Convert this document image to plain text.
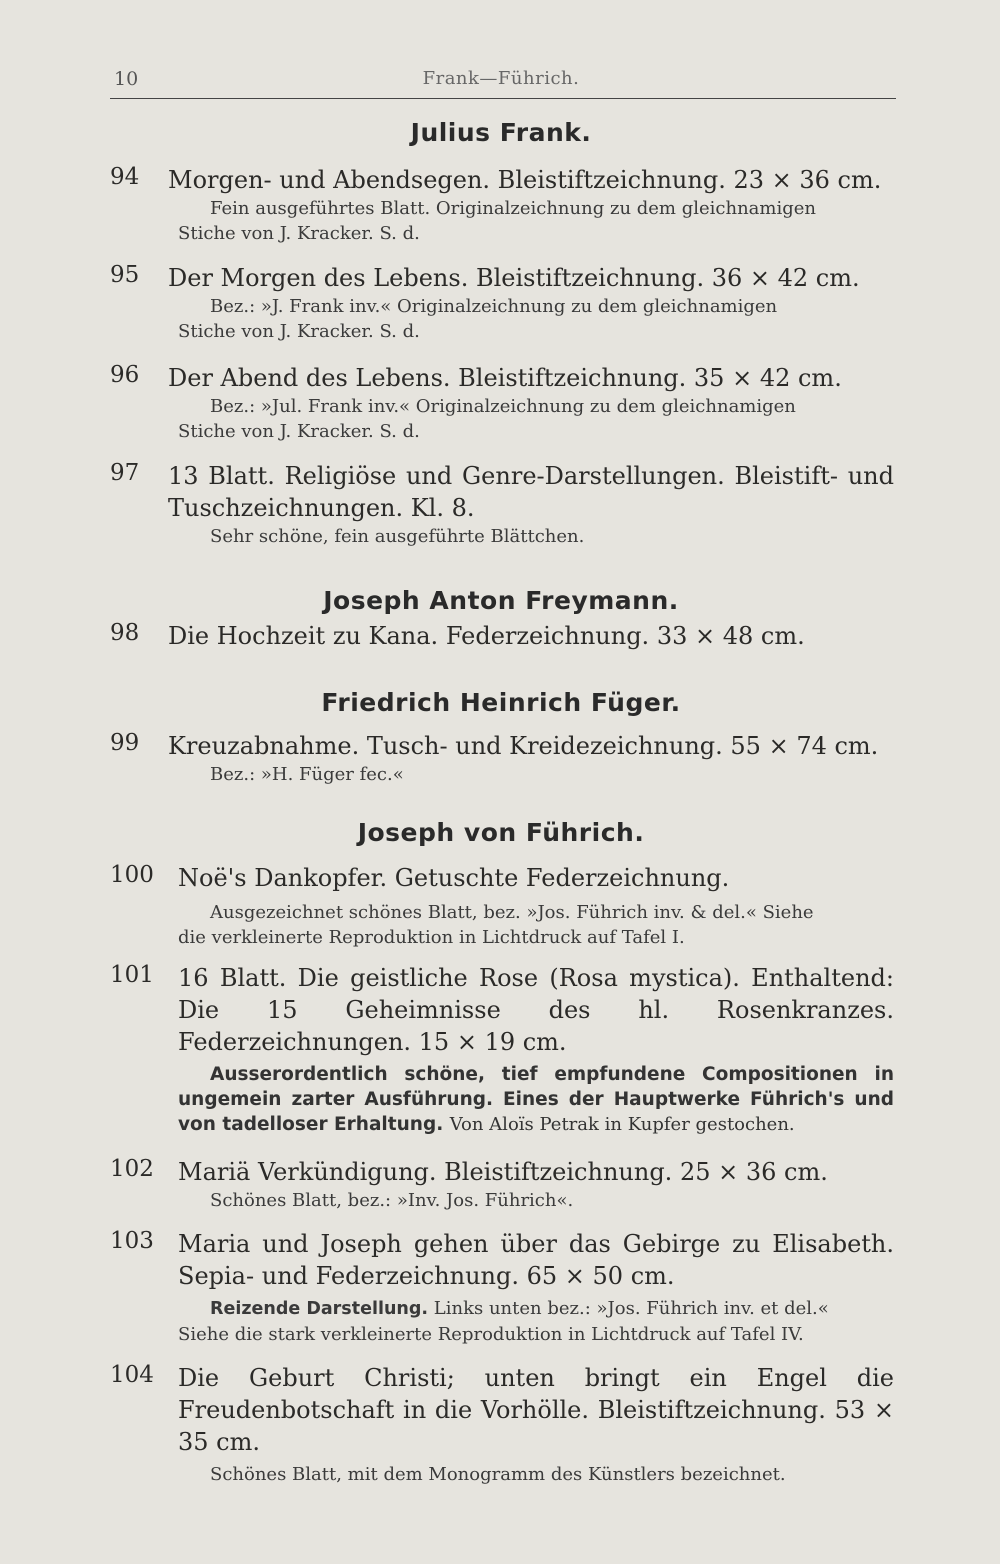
10	Frank—Führich.
Julius Frank.
94 Morgen- und Abendsegen. Bleistiftzeichnung. 23 × 36 cm.
Fein ausgeführtes Blatt. Originalzeichnung zu dem gleichnamigen
Stiche von J. Kracker. S. d.
95 Der Morgen des Lebens. Bleistiftzeichnung. 36 × 42 cm.
Bez.: »J. Frank inv.« Originalzeichnung zu dem gleichnamigen
Stiche von J. Kracker. S. d.
96 Der Abend des Lebens. Bleistiftzeichnung. 35 × 42 cm.
Bez.: »Jul. Frank inv.« Originalzeichnung zu dem gleichnamigen
Stiche von J. Kracker. S. d.
97 13 Blatt. Religiöse und Genre-Darstellungen. Bleistift- und Tuschzeichnungen. Kl. 8.
Sehr schöne, fein ausgeführte Blättchen.
Joseph Anton Freymann.
98 Die Hochzeit zu Kana. Federzeichnung. 33 × 48 cm.
Friedrich Heinrich Füger.
99 Kreuzabnahme. Tusch- und Kreidezeichnung. 55 × 74 cm.
Bez.: »H. Füger fec.«
Joseph von Führich.
100 Noë's Dankopfer. Getuschte Federzeichnung.
Ausgezeichnet schönes Blatt, bez. »Jos. Führich inv. & del.« Siehe
die verkleinerte Reproduktion in Lichtdruck auf Tafel I.
101 16 Blatt. Die geistliche Rose (Rosa mystica). Enthaltend: Die 15 Geheimnisse des hl. Rosenkranzes. Federzeichnungen. 15 × 19 cm.
Ausserordentlich schöne, tief empfundene Compositionen in ungemein zarter Ausführung. Eines der Hauptwerke Führich's und von tadelloser Erhaltung. Von Aloïs Petrak in Kupfer gestochen.
102 Mariä Verkündigung. Bleistiftzeichnung. 25 × 36 cm.
Schönes Blatt, bez.: »Inv. Jos. Führich«.
103 Maria und Joseph gehen über das Gebirge zu Elisabeth. Sepia- und Federzeichnung. 65 × 50 cm.
Reizende Darstellung. Links unten bez.: »Jos. Führich inv. et del.«
Siehe die stark verkleinerte Reproduktion in Lichtdruck auf Tafel IV.
104 Die Geburt Christi; unten bringt ein Engel die Freudenbotschaft in die Vorhölle. Bleistiftzeichnung. 53 × 35 cm.
Schönes Blatt, mit dem Monogramm des Künstlers bezeichnet.
